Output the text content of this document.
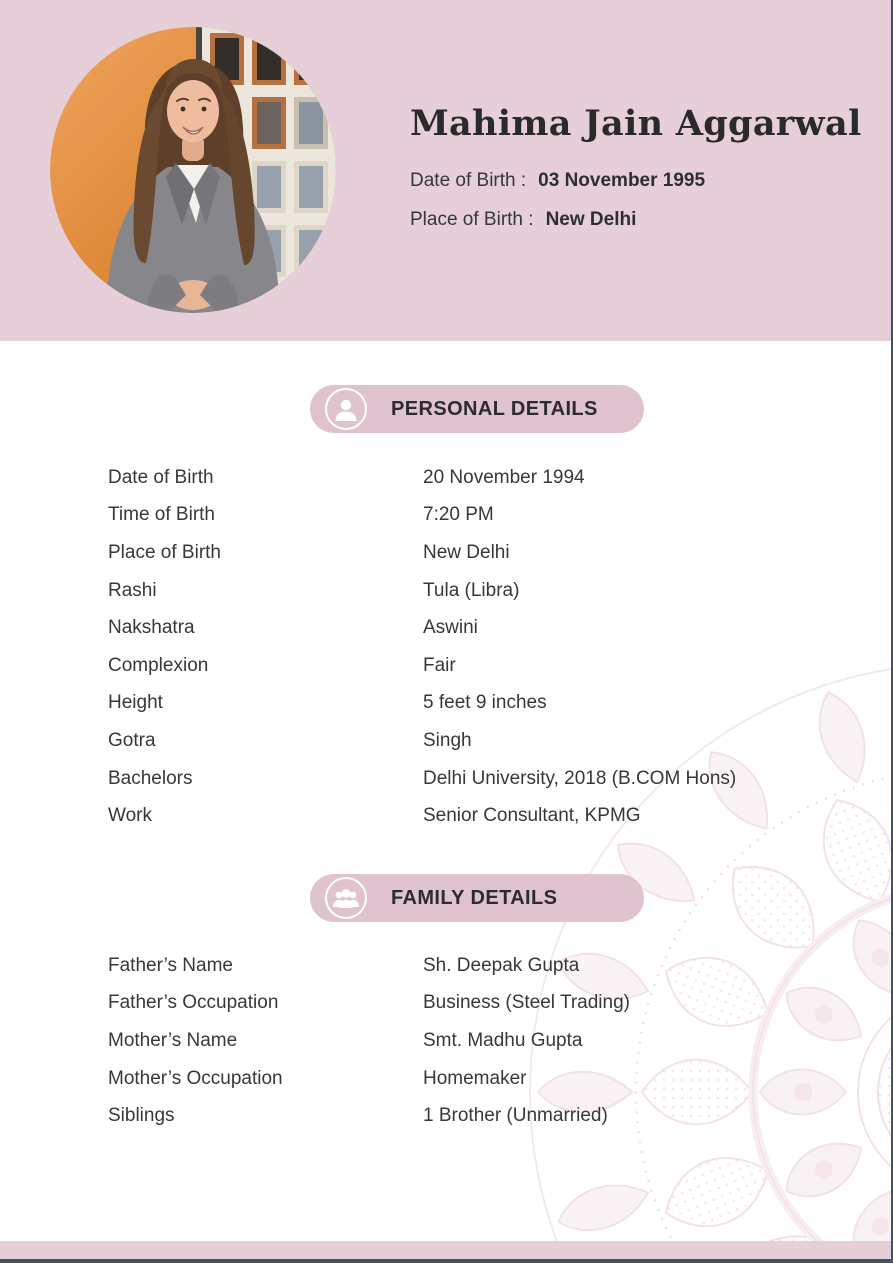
Mahima Jain Aggarwal
Date of Birth : 03 November 1995
Place of Birth : New Delhi
PERSONAL DETAILS
Date of Birth	20 November 1994
Time of Birth	7:20 PM
Place of Birth	New Delhi
Rashi	Tula (Libra)
Nakshatra	Aswini
Complexion	Fair
Height	5 feet 9 inches
Gotra	Singh
Bachelors	Delhi University, 2018 (B.COM Hons)
Work	Senior Consultant, KPMG
FAMILY DETAILS
Father’s Name	Sh. Deepak Gupta
Father’s Occupation	Business (Steel Trading)
Mother’s Name	Smt. Madhu Gupta
Mother’s Occupation	Homemaker
Siblings	1 Brother (Unmarried)
